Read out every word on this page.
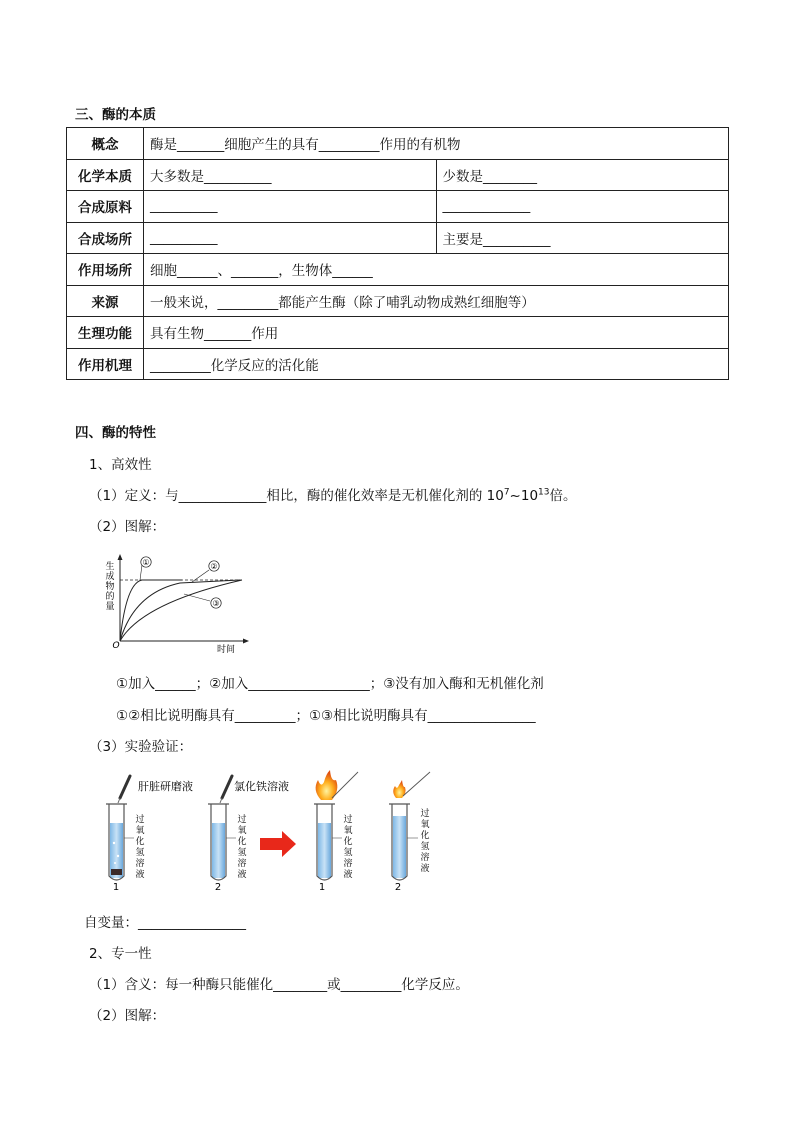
三、酶的本质
概念	酶是_______细胞产生的具有_________作用的有机物	
化学本质	大多数是__________	少数是________
合成原料	__________	_____________
合成场所	__________	主要是__________
作用场所	细胞______、_______，生物体______	
来源	一般来说，_________都能产生酶（除了哺乳动物成熟红细胞等）	
生理功能	具有生物_______作用	
作用机理	_________化学反应的活化能	
四、酶的特性
1、高效性
（1）定义：与_____________相比，酶的催化效率是无机催化剂的 $10^7\sim 10^{13}$倍。
（2）图解：
生成物的量
O	时间
①	②
③
①加入______；②加入__________________；③没有加入酶和无机催化剂
①②相比说明酶具有_________；①③相比说明酶具有________________
（3）实验验证：
肝脏研磨液
过氧化氢溶液
1
氯化铁溶液
过氧化氢溶液
2
过氧化氢溶液
1
过氧化氢溶液
2
自变量：________________
2、专一性
（1）含义：每一种酶只能催化________或_________化学反应。
（2）图解：
